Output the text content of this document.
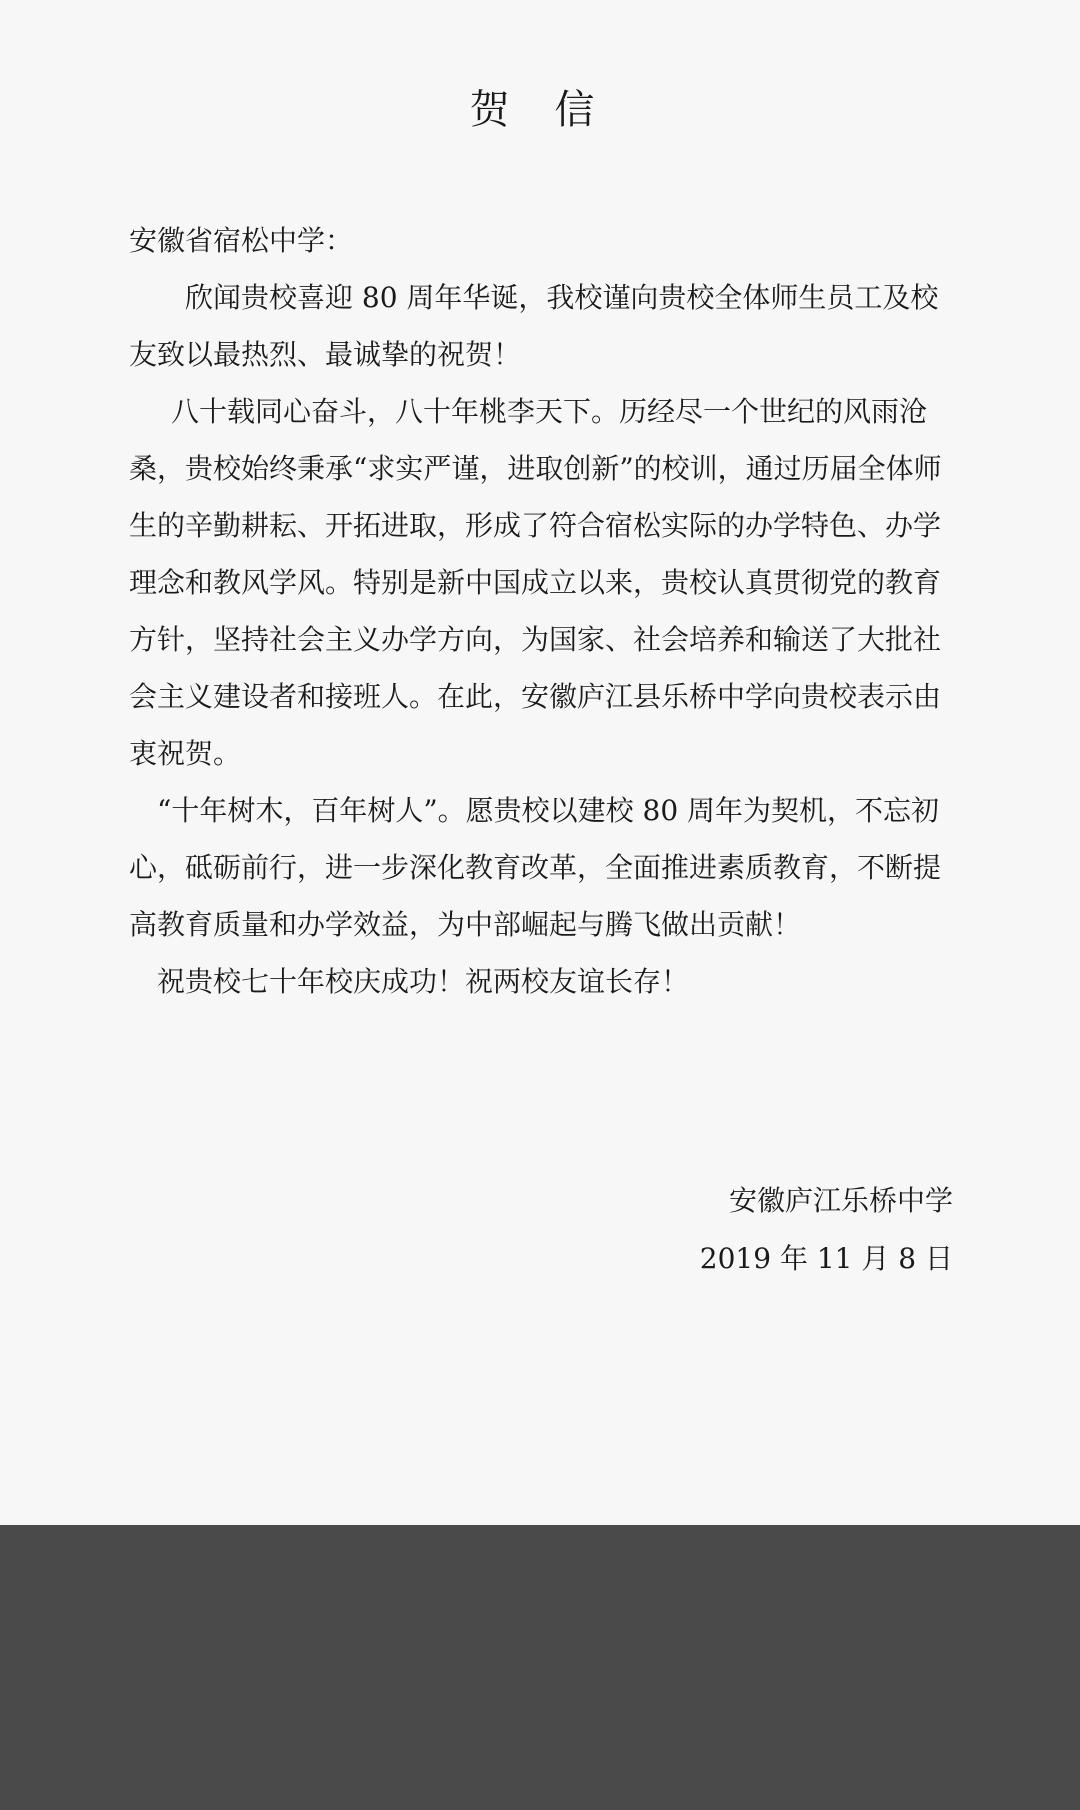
贺 信

安徽省宿松中学：

欣闻贵校喜迎 80 周年华诞，我校谨向贵校全体师生员工及校友致以最热烈、最诚挚的祝贺！

八十载同心奋斗，八十年桃李天下。历经尽一个世纪的风雨沧桑，贵校始终秉承“求实严谨，进取创新”的校训，通过历届全体师生的辛勤耕耘、开拓进取，形成了符合宿松实际的办学特色、办学理念和教风学风。特别是新中国成立以来，贵校认真贯彻党的教育方针，坚持社会主义办学方向，为国家、社会培养和输送了大批社会主义建设者和接班人。在此，安徽庐江县乐桥中学向贵校表示由衷祝贺。

“十年树木，百年树人”。愿贵校以建校 80 周年为契机，不忘初心，砥砺前行，进一步深化教育改革，全面推进素质教育，不断提高教育质量和办学效益，为中部崛起与腾飞做出贡献！

祝贵校七十年校庆成功！祝两校友谊长存！

安徽庐江乐桥中学
2019 年 11 月 8 日
